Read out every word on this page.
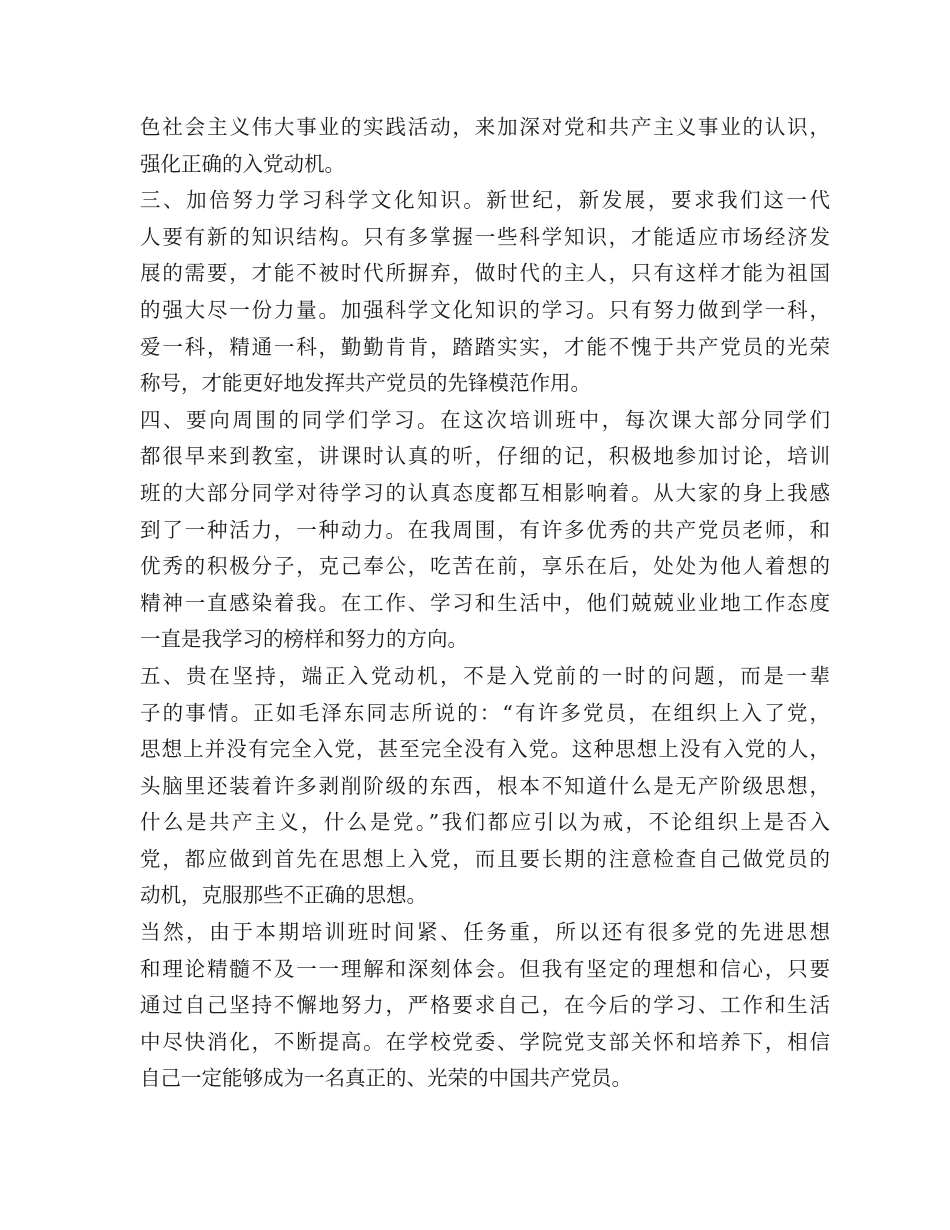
色社会主义伟大事业的实践活动，来加深对党和共产主义事业的认识，
强化正确的入党动机。
三、加倍努力学习科学文化知识。新世纪，新发展，要求我们这一代
人要有新的知识结构。只有多掌握一些科学知识，才能适应市场经济发
展的需要，才能不被时代所摒弃，做时代的主人，只有这样才能为祖国
的强大尽一份力量。加强科学文化知识的学习。只有努力做到学一科，
爱一科，精通一科，勤勤肯肯，踏踏实实，才能不愧于共产党员的光荣
称号，才能更好地发挥共产党员的先锋模范作用。
四、要向周围的同学们学习。在这次培训班中，每次课大部分同学们
都很早来到教室，讲课时认真的听，仔细的记，积极地参加讨论，培训
班的大部分同学对待学习的认真态度都互相影响着。从大家的身上我感
到了一种活力，一种动力。在我周围，有许多优秀的共产党员老师，和
优秀的积极分子，克己奉公，吃苦在前，享乐在后，处处为他人着想的
精神一直感染着我。在工作、学习和生活中，他们兢兢业业地工作态度
一直是我学习的榜样和努力的方向。
五、贵在坚持，端正入党动机，不是入党前的一时的问题，而是一辈
子的事情。正如毛泽东同志所说的：“有许多党员，在组织上入了党，
思想上并没有完全入党，甚至完全没有入党。这种思想上没有入党的人，
头脑里还装着许多剥削阶级的东西，根本不知道什么是无产阶级思想，
什么是共产主义，什么是党。”我们都应引以为戒，不论组织上是否入
党，都应做到首先在思想上入党，而且要长期的注意检查自己做党员的
动机，克服那些不正确的思想。
当然，由于本期培训班时间紧、任务重，所以还有很多党的先进思想
和理论精髓不及一一理解和深刻体会。但我有坚定的理想和信心，只要
通过自己坚持不懈地努力，严格要求自己，在今后的学习、工作和生活
中尽快消化，不断提高。在学校党委、学院党支部关怀和培养下，相信
自己一定能够成为一名真正的、光荣的中国共产党员。
